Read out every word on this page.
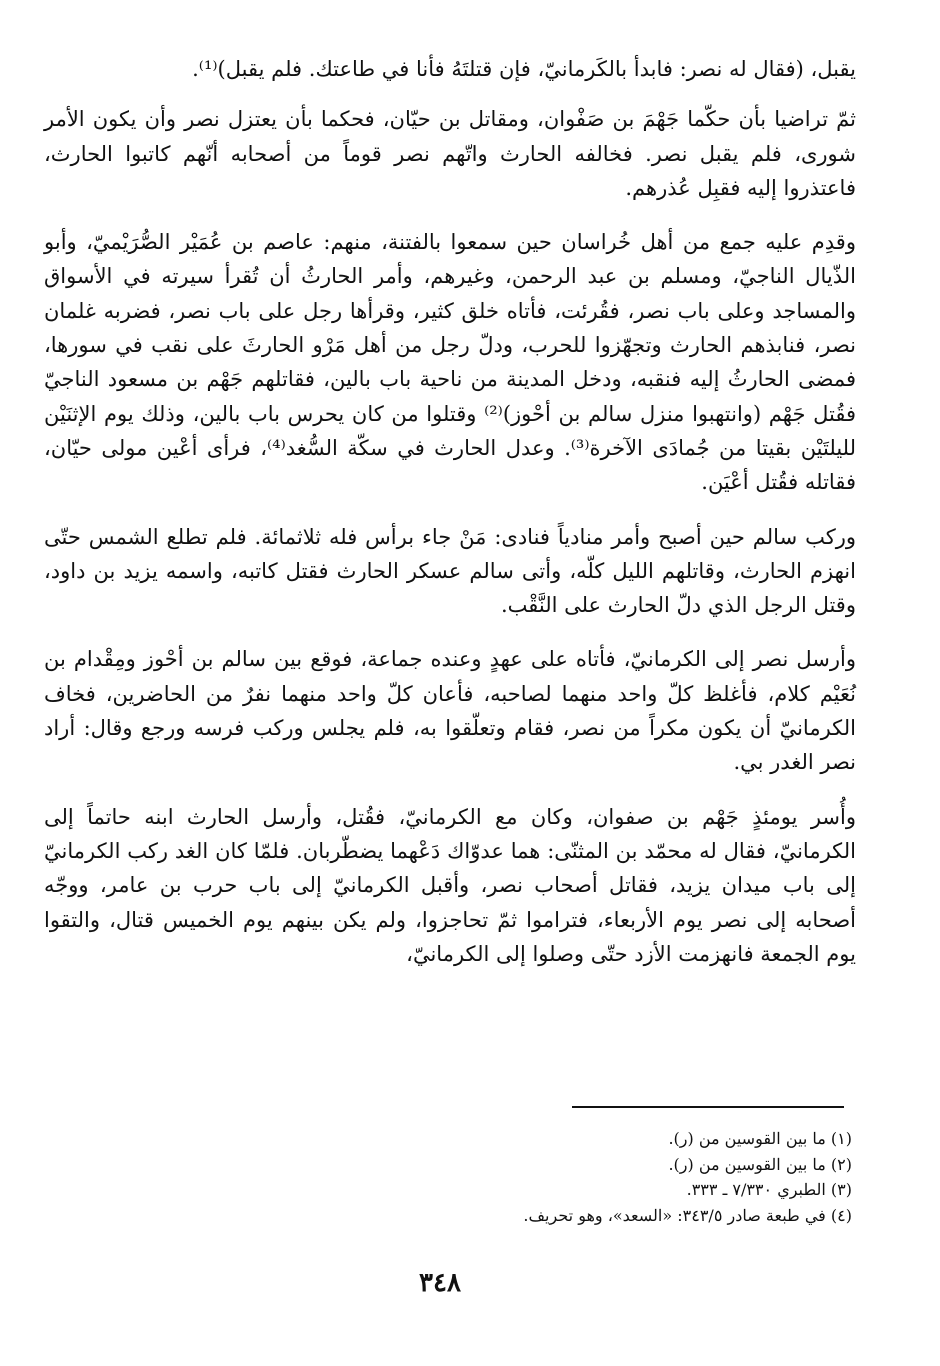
يقبل، (فقال له نصر: فابدأ بالكَرمانيّ، فإن قتلتَهُ فأنا في طاعتك. فلم يقبل)⁽¹⁾.

ثمّ تراضيا بأن حكّما جَهْمَ بن صَفْوان، ومقاتل بن حيّان، فحكما بأن يعتزل نصر وأن يكون الأمر شورى، فلم يقبل نصر. فخالفه الحارث واتّهم نصر قوماً من أصحابه أنّهم كاتبوا الحارث، فاعتذروا إليه فقبِل عُذرهم.

وقدِم عليه جمع من أهل خُراسان حين سمعوا بالفتنة، منهم: عاصم بن عُمَيْر الصُّرَيْميّ، وأبو الذّيال الناجيّ، ومسلم بن عبد الرحمن، وغيرهم، وأمر الحارثُ أن تُقرأ سيرته في الأسواق والمساجد وعلى باب نصر، فقُرئت، فأتاه خلق كثير، وقرأها رجل على باب نصر، فضربه غلمان نصر، فنابذهم الحارث وتجهّزوا للحرب، ودلّ رجل من أهل مَرْو الحارثَ على نقب في سورها، فمضى الحارثُ إليه فنقبه، ودخل المدينة من ناحية باب بالين، فقاتلهم جَهْم بن مسعود الناجيّ فقُتل جَهْم (وانتهبوا منزل سالم بن أحْوز)⁽²⁾ وقتلوا من كان يحرس باب بالين، وذلك يوم الإثنَيْن لليلتَيْن بقيتا من جُمادَى الآخرة⁽³⁾. وعدل الحارث في سكّة السُّغد⁽⁴⁾، فرأى أعْين مولى حيّان، فقاتله فقُتل أعْيَن.

وركب سالم حين أصبح وأمر منادياً فنادى: مَنْ جاء برأس فله ثلاثمائة. فلم تطلع الشمس حتّى انهزم الحارث، وقاتلهم الليل كلّه، وأتى سالم عسكر الحارث فقتل كاتبه، واسمه يزيد بن داود، وقتل الرجل الذي دلّ الحارث على النَّقْب.

وأرسل نصر إلى الكرمانيّ، فأتاه على عهدٍ وعنده جماعة، فوقع بين سالم بن أحْوز ومِقْدام بن نُعَيْم كلام، فأغلظ كلّ واحد منهما لصاحبه، فأعان كلّ واحد منهما نفرٌ من الحاضرين، فخاف الكرمانيّ أن يكون مكراً من نصر، فقام وتعلّقوا به، فلم يجلس وركب فرسه ورجع وقال: أراد نصر الغدر بي.

وأُسر يومئذٍ جَهْم بن صفوان، وكان مع الكرمانيّ، فقُتل، وأرسل الحارث ابنه حاتماً إلى الكرمانيّ، فقال له محمّد بن المثنّى: هما عدوّاك دَعْهما يضطّربان. فلمّا كان الغد ركب الكرمانيّ إلى باب ميدان يزيد، فقاتل أصحاب نصر، وأقبل الكرمانيّ إلى باب حرب بن عامر، ووجّه أصحابه إلى نصر يوم الأربعاء، فتراموا ثمّ تحاجزوا، ولم يكن بينهم يوم الخميس قتال، والتقوا يوم الجمعة فانهزمت الأزد حتّى وصلوا إلى الكرمانيّ،

(١) ما بين القوسين من (ر).

(٢) ما بين القوسين من (ر).

(٣) الطبري ٧/٣٣٠ ـ ٣٣٣.

(٤) في طبعة صادر ٣٤٣/٥: «السعد»، وهو تحريف.

٣٤٨
